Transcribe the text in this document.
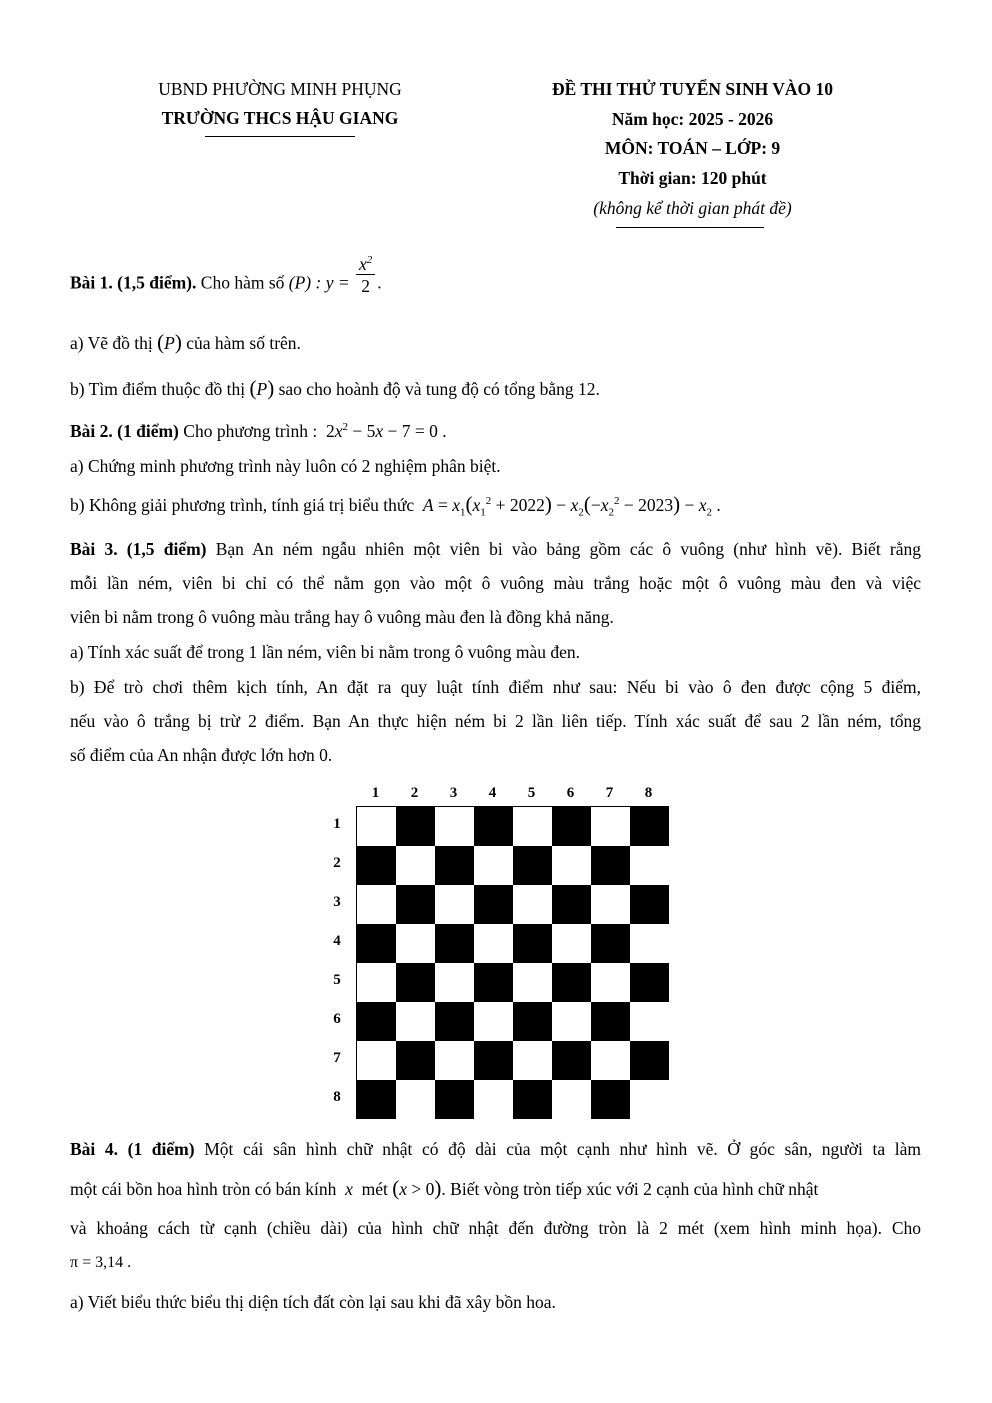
UBND PHƯỜNG MINH PHỤNG
TRƯỜNG THCS HẬU GIANG
ĐỀ THI THỬ TUYỂN SINH VÀO 10
Năm học: 2025 - 2026
MÔN: TOÁN – LỚP: 9
Thời gian: 120 phút
(không kể thời gian phát đề)
Bài 1. (1,5 điểm). Cho hàm số (P) : $y = \frac{x^2}{2}$ .
a) Vẽ đồ thị (P) của hàm số trên.
b) Tìm điểm thuộc đồ thị (P) sao cho hoành độ và tung độ có tổng bằng 12.
Bài 2. (1 điểm) Cho phương trình :  $2x^2 - 5x - 7 = 0$ .
a) Chứng minh phương trình này luôn có 2 nghiệm phân biệt.
b) Không giải phương trình, tính giá trị biểu thức $A = x_1(x_1^2 + 2022) - x_2(-x_2^2 - 2023) - x_2$ .
Bài 3. (1,5 điểm) Bạn An ném ngẫu nhiên một viên bi vào bảng gồm các ô vuông (như hình vẽ). Biết rằng
mỗi lần ném, viên bi chỉ có thể nằm gọn vào một ô vuông màu trắng hoặc một ô vuông màu đen và việc
viên bi nằm trong ô vuông màu trắng hay ô vuông màu đen là đồng khả năng.
a) Tính xác suất để trong 1 lần ném, viên bi nằm trong ô vuông màu đen.
b) Để trò chơi thêm kịch tính, An đặt ra quy luật tính điểm như sau: Nếu bi vào ô đen được cộng 5 điểm,
nếu vào ô trắng bị trừ 2 điểm. Bạn An thực hiện ném bi 2 lần liên tiếp. Tính xác suất để sau 2 lần ném, tổng
số điểm của An nhận được lớn hơn 0.
1	2	3	4	5	6	7	8
1
2
3
4
5
6
7
8
Bài 4. (1 điểm) Một cái sân hình chữ nhật có độ dài của một cạnh như hình vẽ. Ở góc sân, người ta làm
một cái bồn hoa hình tròn có bán kính  x  mét (x > 0). Biết vòng tròn tiếp xúc với 2 cạnh của hình chữ nhật
và khoảng cách từ cạnh (chiều dài) của hình chữ nhật đến đường tròn là 2 mét (xem hình minh họa). Cho
π = 3,14 .
a) Viết biểu thức biểu thị diện tích đất còn lại sau khi đã xây bồn hoa.
